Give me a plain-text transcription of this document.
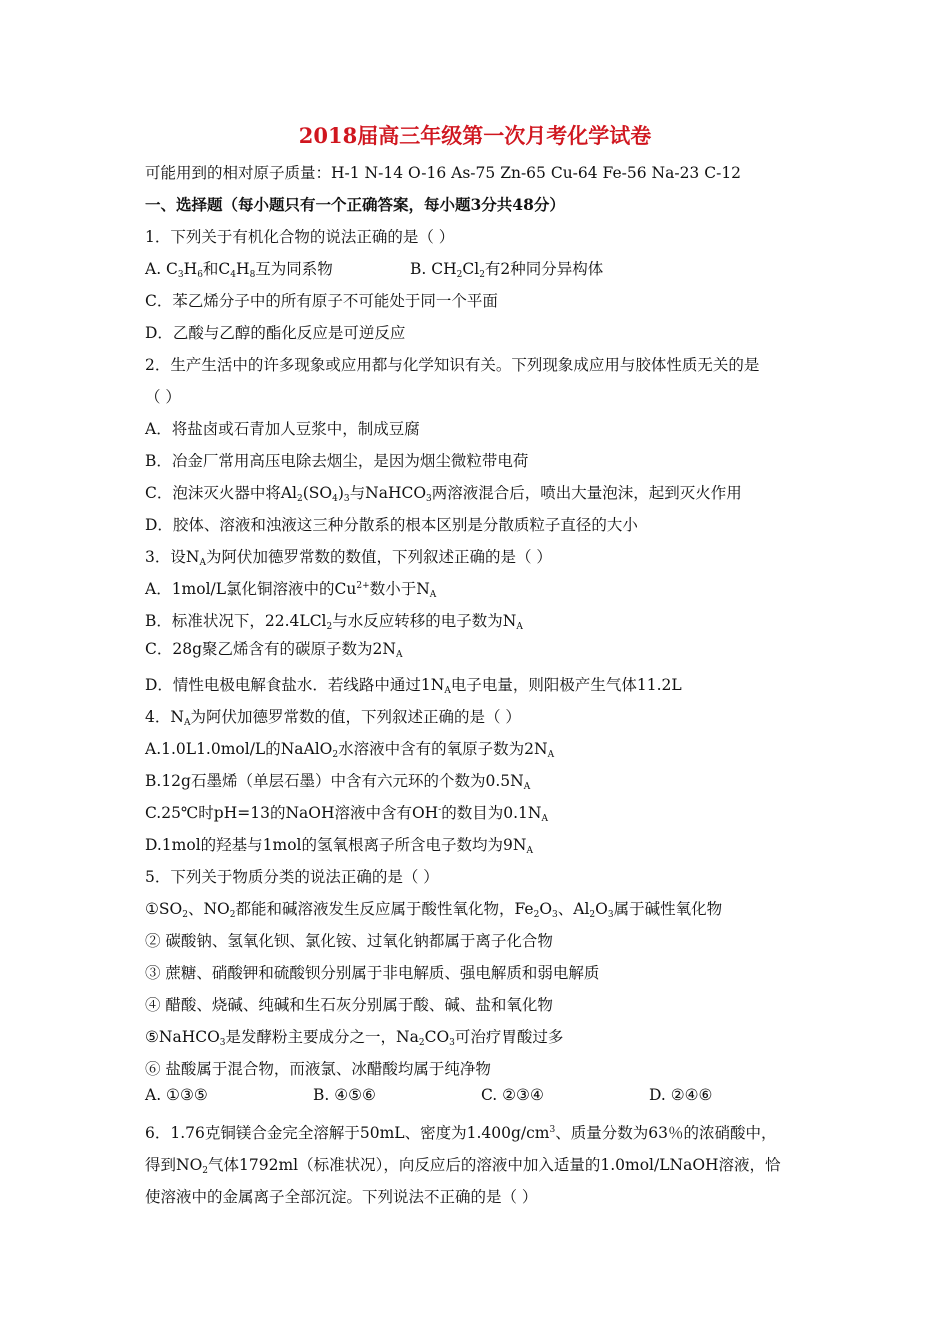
2018届高三年级第一次月考化学试卷
可能用到的相对原子质量：H-1 N-14 O-16 As-75 Zn-65 Cu-64 Fe-56 Na-23 C-12
一、选择题（每小题只有一个正确答案，每小题3分共48分）
1．下列关于有机化合物的说法正确的是（ ）
A. $C_3H_6$和$C_4H_8$互为同系物	B. $CH_2Cl_2$有2种同分异构体
C．苯乙烯分子中的所有原子不可能处于同一个平面
D．乙酸与乙醇的酯化反应是可逆反应
2．生产生活中的许多现象或应用都与化学知识有关。下列现象成应用与胶体性质无关的是
（ ）
A．将盐卤或石青加人豆浆中，制成豆腐
B．冶金厂常用高压电除去烟尘，是因为烟尘微粒带电荷
C．泡沫灭火器中将$Al_2(SO_4)_3$与NaHCO$_3$两溶液混合后，喷出大量泡沫，起到灭火作用
D．胶体、溶液和浊液这三种分散系的根本区别是分散质粒子直径的大小
3．设$N_A$为阿伏加德罗常数的数值，下列叙述正确的是（ ）
A．1mol/L氯化铜溶液中的$Cu^{2+}$数小于$N_A$
B．标准状况下，22.4LCl$_2$与水反应转移的电子数为$N_A$
C．28g聚乙烯含有的碳原子数为$2N_A$
D．情性电极电解食盐水．若线路中通过$1N_A$电子电量，则阳极产生气体11.2L
4．$N_A$为阿伏加德罗常数的值，下列叙述正确的是（ ）
A.1.0L1.0mol/L的NaAlO$_2$水溶液中含有的氧原子数为$2N_A$
B.12g石墨烯（单层石墨）中含有六元环的个数为$0.5N_A$
C.25℃时pH=13的NaOH溶液中含有OH-的数目为$0.1N_A$
D.1mol的羟基与1mol的氢氧根离子所含电子数均为$9N_A$
5．下列关于物质分类的说法正确的是（ ）
$①SO_2$、$NO_2$都能和碱溶液发生反应属于酸性氧化物，$Fe_2O_3$、$Al_2O_3$属于碱性氧化物
② 碳酸钠、氢氧化钡、氯化铵、过氧化钠都属于离子化合物
③ 蔗糖、硝酸钾和硫酸钡分别属于非电解质、强电解质和弱电解质
④ 醋酸、烧碱、纯碱和生石灰分别属于酸、碱、盐和氧化物
⑤NaHCO$_3$是发酵粉主要成分之一，$Na_2CO_3$可治疗胃酸过多
⑥ 盐酸属于混合物，而液氯、冰醋酸均属于纯净物
A. ①③⑤	B. ④⑤⑥	C. ②③④	D. ②④⑥
6．1.76克铜镁合金完全溶解于50mL、密度为$1.400g/cm^3$、质量分数为63％的浓硝酸中，
得到$NO_2$气体1792ml（标准状况），向反应后的溶液中加入适量的1.0mol/LNaOH溶液，恰
使溶液中的金属离子全部沉淀。下列说法不正确的是（ ）
